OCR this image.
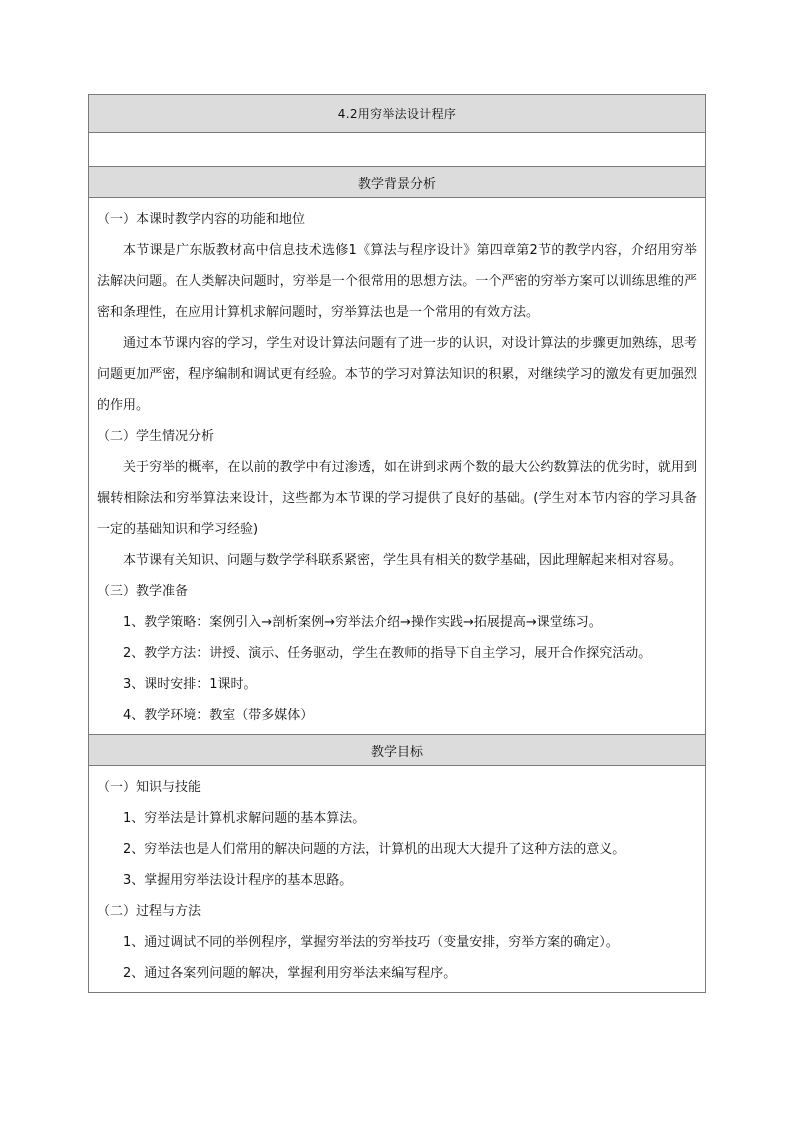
4.2用穷举法设计程序
教学背景分析

（一）本课时教学内容的功能和地位

本节课是广东版教材高中信息技术选修1《算法与程序设计》第四章第2节的教学内容，介绍用穷举法解决问题。在人类解决问题时，穷举是一个很常用的思想方法。一个严密的穷举方案可以训练思维的严密和条理性，在应用计算机求解问题时，穷举算法也是一个常用的有效方法。

通过本节课内容的学习，学生对设计算法问题有了进一步的认识，对设计算法的步骤更加熟练，思考问题更加严密，程序编制和调试更有经验。本节的学习对算法知识的积累，对继续学习的激发有更加强烈的作用。

（二）学生情况分析

关于穷举的概率，在以前的教学中有过渗透，如在讲到求两个数的最大公约数算法的优劣时，就用到辗转相除法和穷举算法来设计，这些都为本节课的学习提供了良好的基础。(学生对本节内容的学习具备一定的基础知识和学习经验)

本节课有关知识、问题与数学学科联系紧密，学生具有相关的数学基础，因此理解起来相对容易。

（三）教学准备

1、教学策略：案例引入→剖析案例→穷举法介绍→操作实践→拓展提高→课堂练习。

2、教学方法：讲授、演示、任务驱动，学生在教师的指导下自主学习，展开合作探究活动。

3、课时安排：1课时。

4、教学环境：教室（带多媒体）

教学目标

（一）知识与技能

1、穷举法是计算机求解问题的基本算法。

2、穷举法也是人们常用的解决问题的方法，计算机的出现大大提升了这种方法的意义。

3、掌握用穷举法设计程序的基本思路。

（二）过程与方法

1、通过调试不同的举例程序，掌握穷举法的穷举技巧（变量安排，穷举方案的确定）。

2、通过各案列问题的解决，掌握利用穷举法来编写程序。
